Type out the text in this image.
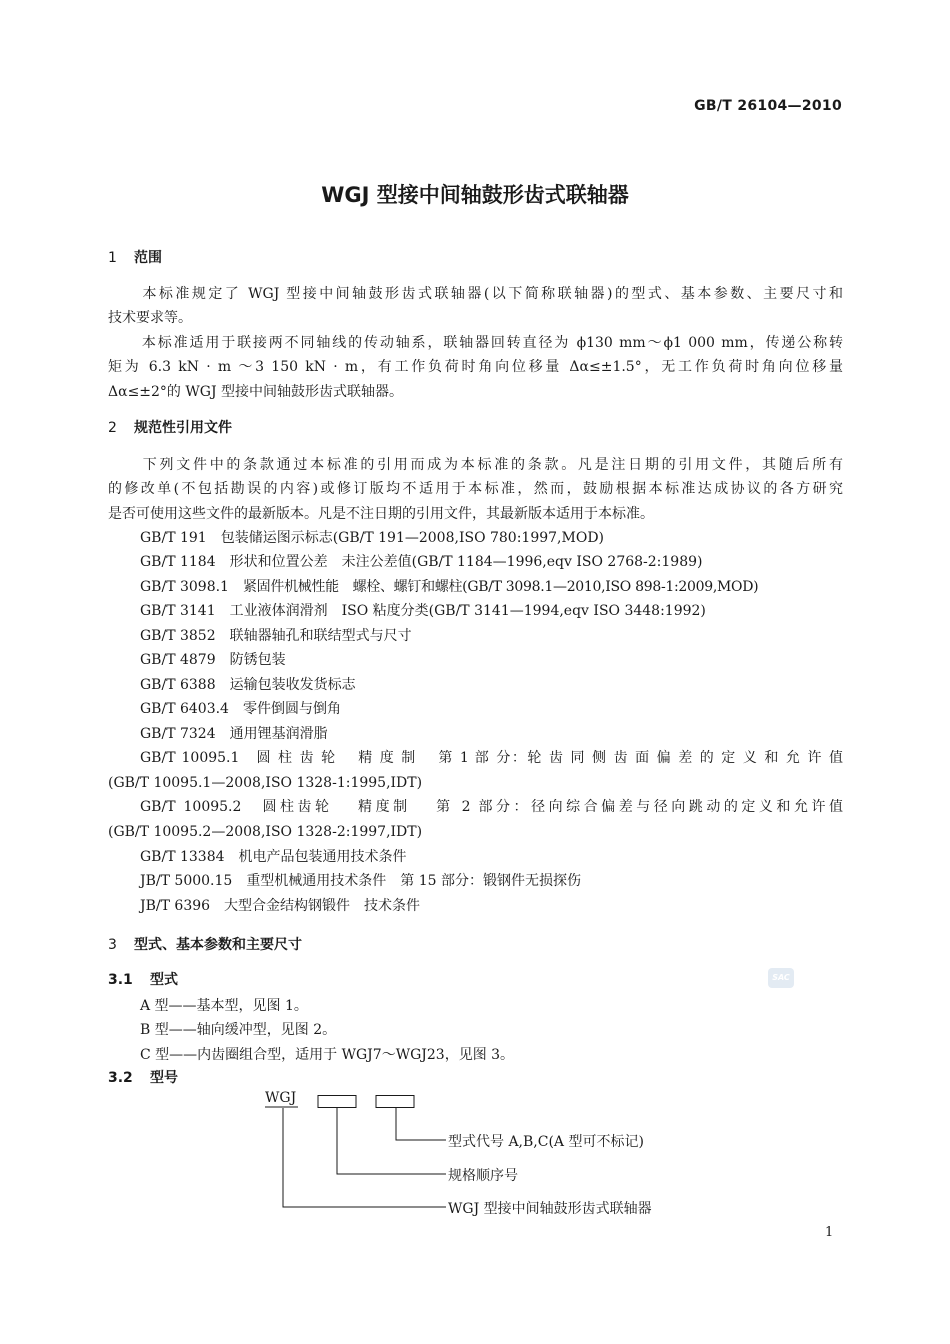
GB/T 26104—2010
WGJ 型接中间轴鼓形齿式联轴器
1 范围
本标准规定了 WGJ 型接中间轴鼓形齿式联轴器(以下简称联轴器)的型式、基本参数、主要尺寸和
技术要求等。
本标准适用于联接两不同轴线的传动轴系，联轴器回转直径为 ϕ130 mm～ϕ1 000 mm，传递公称转
矩为 6.3 kN · m ～3 150 kN · m，有工作负荷时角向位移量 Δα≤±1.5°，无工作负荷时角向位移量
Δα≤±2°的 WGJ 型接中间轴鼓形齿式联轴器。
2 规范性引用文件
下列文件中的条款通过本标准的引用而成为本标准的条款。凡是注日期的引用文件，其随后所有
的修改单(不包括勘误的内容)或修订版均不适用于本标准，然而，鼓励根据本标准达成协议的各方研究
是否可使用这些文件的最新版本。凡是不注日期的引用文件，其最新版本适用于本标准。
GB/T 191　 包装储运图示标志(GB/T 191—2008,ISO 780:1997,MOD)
GB/T 1184　 形状和位置公差　未注公差值(GB/T 1184—1996,eqv ISO 2768-2:1989)
GB/T 3098.1　 紧固件机械性能　螺栓、螺钉和螺柱(GB/T 3098.1—2010,ISO 898-1:2009,MOD)
GB/T 3141　 工业液体润滑剂　ISO 粘度分类(GB/T 3141—1994,eqv ISO 3448:1992)
GB/T 3852　 联轴器轴孔和联结型式与尺寸
GB/T 4879　 防锈包装
GB/T 6388　 运输包装收发货标志
GB/T 6403.4　 零件倒圆与倒角
GB/T 7324　 通用锂基润滑脂
GB/T 10095.1　圆 柱 齿 轮　 精 度 制　 第 1 部 分：轮 齿 同 侧 齿 面 偏 差 的 定 义 和 允 许 值
(GB/T 10095.1—2008,ISO 1328-1:1995,IDT)
GB/T 10095.2　圆柱齿轮　 精度制　 第 2 部分：径向综合偏差与径向跳动的定义和允许值
(GB/T 10095.2—2008,ISO 1328-2:1997,IDT)
GB/T 13384　 机电产品包装通用技术条件
JB/T 5000.15　 重型机械通用技术条件　第 15 部分：锻钢件无损探伤
JB/T 6396　 大型合金结构钢锻件　技术条件
3 型式、基本参数和主要尺寸
3.1 型式
A 型——基本型，见图 1。
B 型——轴向缓冲型，见图 2。
C 型——内齿圈组合型，适用于 WGJ7～WGJ23，见图 3。
3.2 型号
WGJ
型式代号 A,B,C(A 型可不标记)
规格顺序号
WGJ 型接中间轴鼓形齿式联轴器
SAC
1
